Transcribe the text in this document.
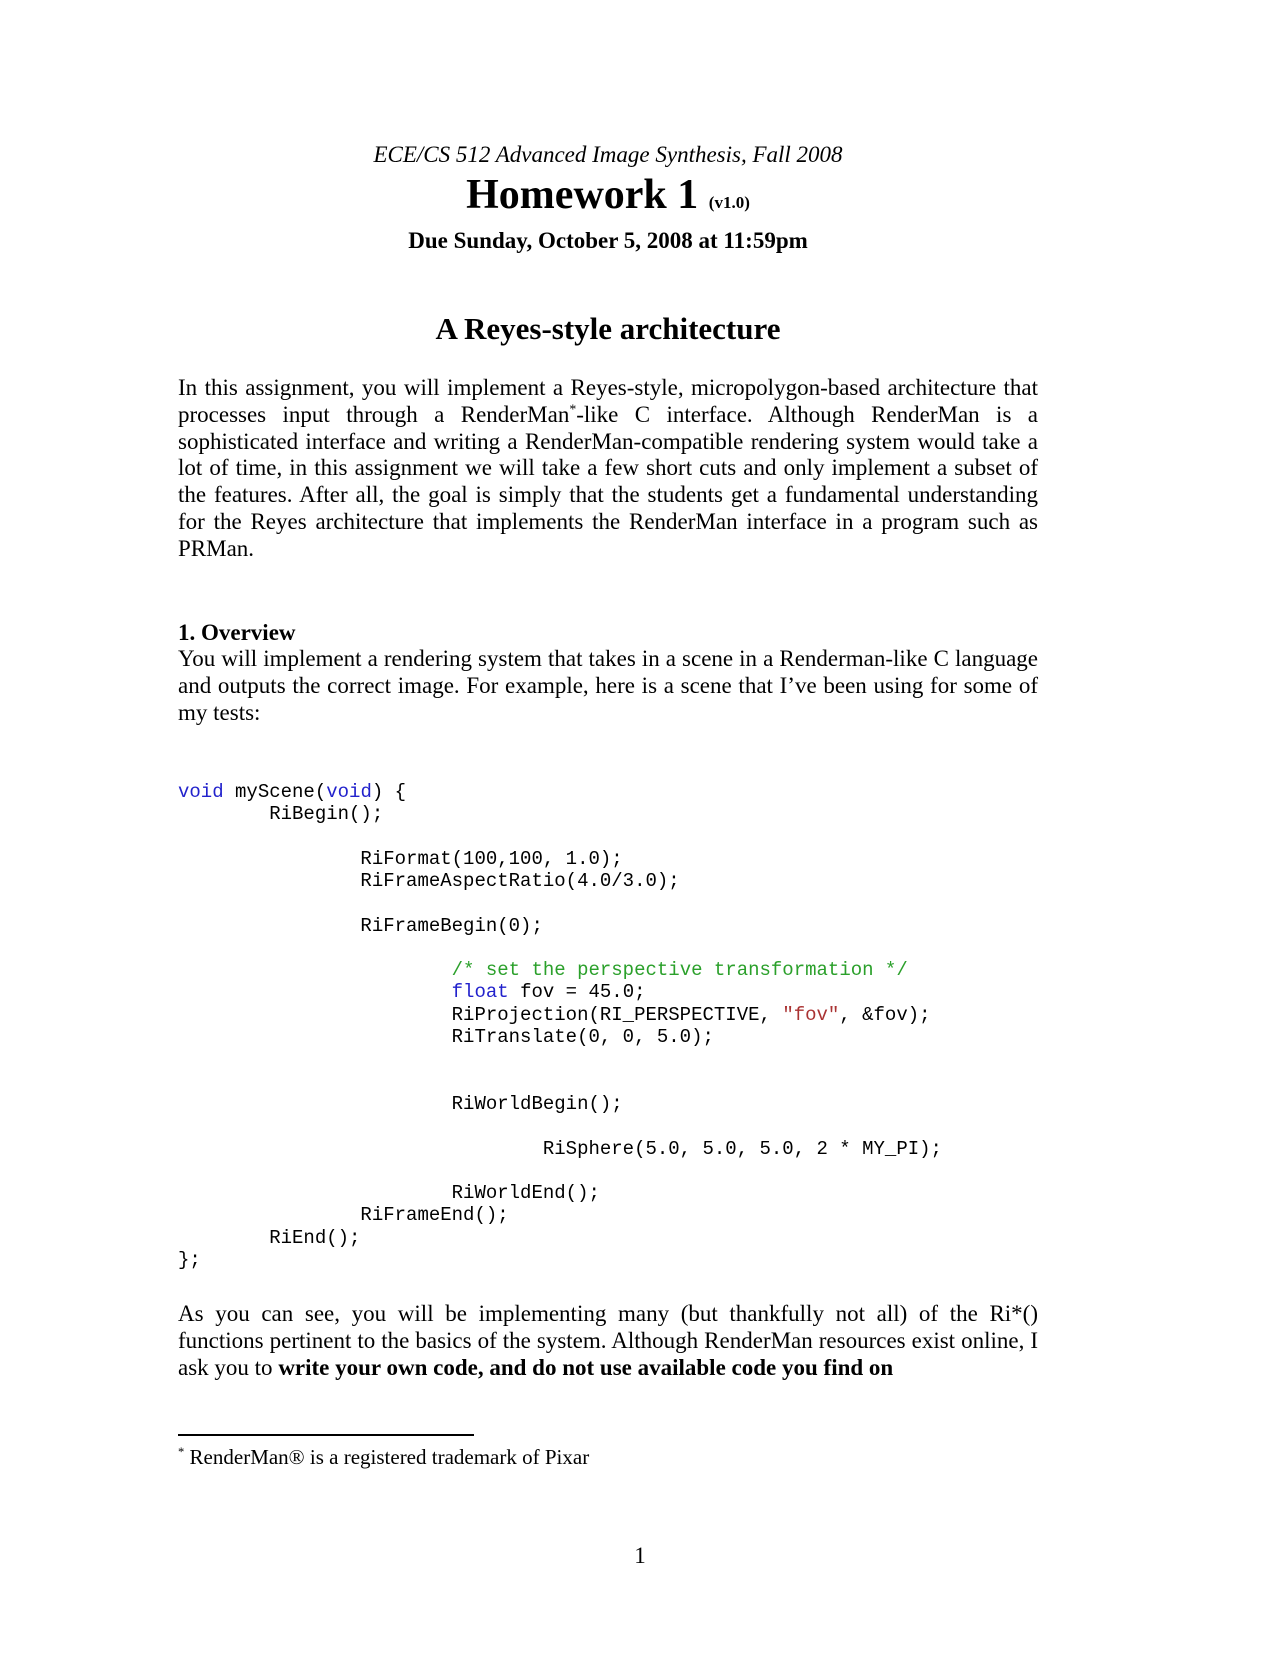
ECE/CS 512 Advanced Image Synthesis, Fall 2008
Homework 1 (v1.0)
Due Sunday, October 5, 2008 at 11:59pm
A Reyes-style architecture

In this assignment, you will implement a Reyes-style, micropolygon-based architecture that processes input through a RenderMan*-like C interface. Although RenderMan is a sophisticated interface and writing a RenderMan-compatible rendering system would take a lot of time, in this assignment we will take a few short cuts and only implement a subset of the features. After all, the goal is simply that the students get a fundamental understanding for the Reyes architecture that implements the RenderMan interface in a program such as PRMan.

1. Overview

You will implement a rendering system that takes in a scene in a Renderman-like C language and outputs the correct image. For example, here is a scene that I’ve been using for some of my tests:

void myScene(void) {
RiBegin();

RiFormat(100,100, 1.0);
RiFrameAspectRatio(4.0/3.0);

RiFrameBegin(0);

/* set the perspective transformation */
float fov = 45.0;
RiProjection(RI_PERSPECTIVE, "fov", &fov);
RiTranslate(0, 0, 5.0);

RiWorldBegin();

RiSphere(5.0, 5.0, 5.0, 2 * MY_PI);

RiWorldEnd();
RiFrameEnd();
RiEnd();
};

As you can see, you will be implementing many (but thankfully not all) of the Ri*() functions pertinent to the basics of the system. Although RenderMan resources exist online, I ask you to write your own code, and do not use available code you find on

* RenderMan® is a registered trademark of Pixar
1
